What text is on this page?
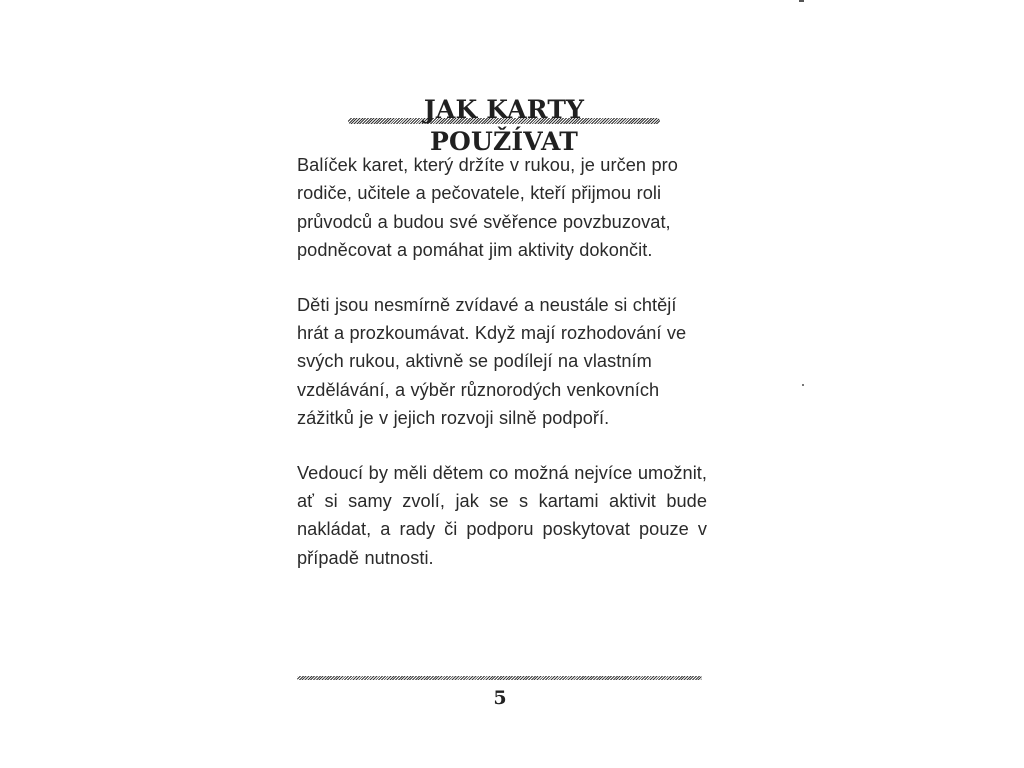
JAK KARTY POUŽÍVAT

Balíček karet, který držíte v rukou, je určen pro rodiče, učitele a pečovatele, kteří přijmou roli průvodců a budou své svěřence povzbuzovat, podněcovat a pomáhat jim aktivity dokončit.

Děti jsou nesmírně zvídavé a neustále si chtějí hrát a prozkoumávat. Když mají rozhodování ve svých rukou, aktivně se podílejí na vlastním vzdělávání, a výběr různorodých venkovních zážitků je v jejich rozvoji silně podpoří.

Vedoucí by měli dětem co možná nejvíce umožnit, ať si samy zvolí, jak se s kartami aktivit bude nakládat, a rady či podporu poskytovat pouze v případě nutnosti.

5
